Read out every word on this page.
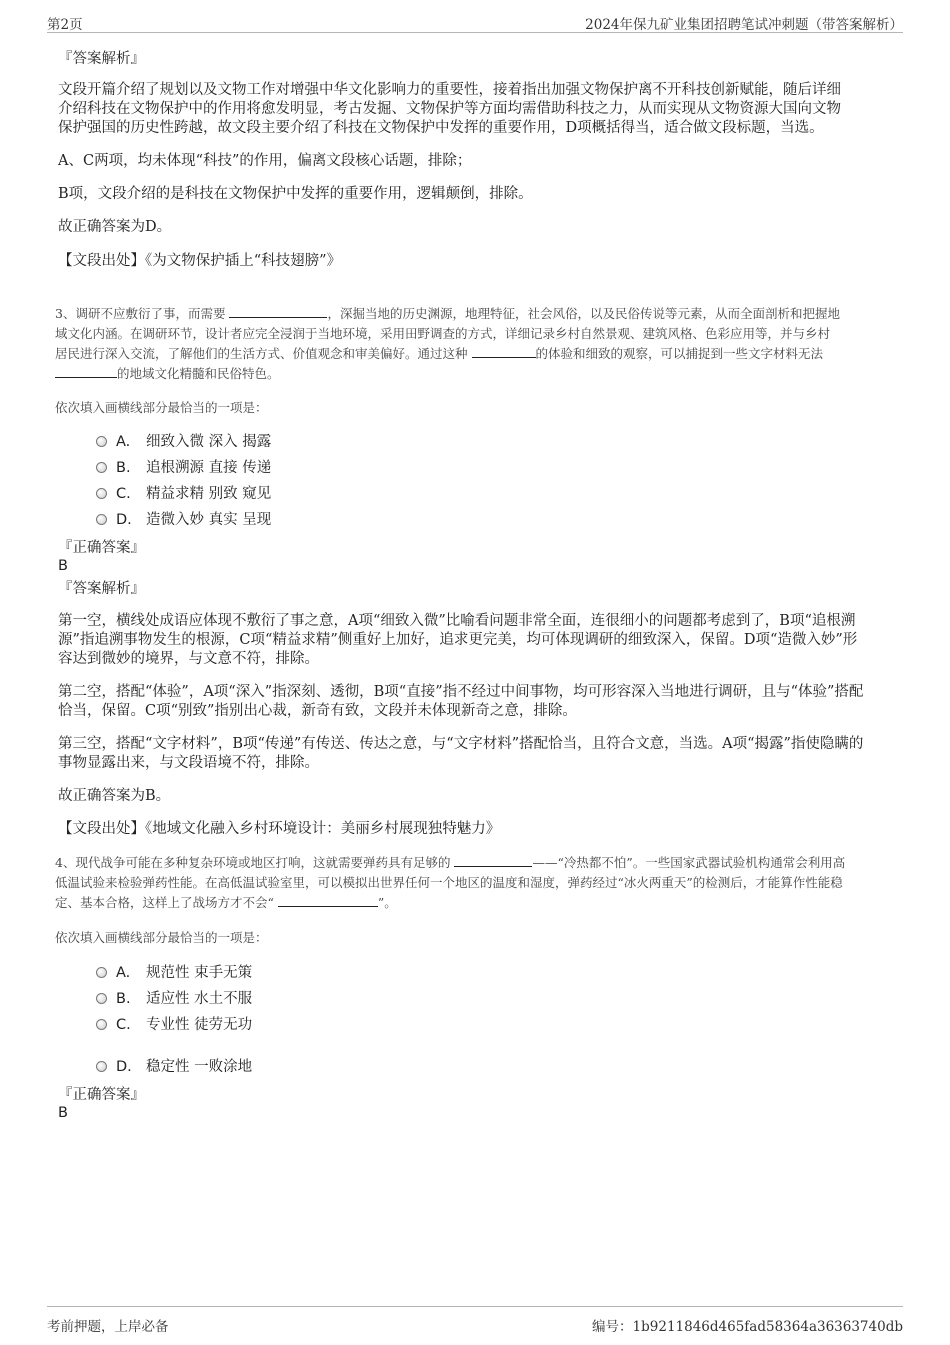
第2页	2024年保九矿业集团招聘笔试冲刺题（带答案解析）
『答案解析』
文段开篇介绍了规划以及文物工作对增强中华文化影响力的重要性，接着指出加强文物保护离不开科技创新赋能，随后详细
介绍科技在文物保护中的作用将愈发明显，考古发掘、文物保护等方面均需借助科技之力，从而实现从文物资源大国向文物
保护强国的历史性跨越，故文段主要介绍了科技在文物保护中发挥的重要作用，D项概括得当，适合做文段标题，当选。
A、C两项，均未体现“科技”的作用，偏离文段核心话题，排除；
B项，文段介绍的是科技在文物保护中发挥的重要作用，逻辑颠倒，排除。
故正确答案为D。
【文段出处】《为文物保护插上“科技翅膀”》
3、调研不应敷衍了事，而需要	，深掘当地的历史渊源，地理特征，社会风俗，以及民俗传说等元素，从而全面剖析和把握地
域文化内涵。在调研环节，设计者应完全浸润于当地环境，采用田野调查的方式，详细记录乡村自然景观、建筑风格、色彩应用等，并与乡村
居民进行深入交流，了解他们的生活方式、价值观念和审美偏好。通过这种	的体验和细致的观察，可以捕捉到一些文字材料无法
的地域文化精髓和民俗特色。
依次填入画横线部分最恰当的一项是：
A. 细致入微 深入 揭露
B. 追根溯源 直接 传递
C. 精益求精 别致 窥见
D. 造微入妙 真实 呈现
『正确答案』
B
『答案解析』
第一空，横线处成语应体现不敷衍了事之意，A项“细致入微”比喻看问题非常全面，连很细小的问题都考虑到了，B项“追根溯
源”指追溯事物发生的根源，C项“精益求精”侧重好上加好，追求更完美，均可体现调研的细致深入，保留。D项“造微入妙”形
容达到微妙的境界，与文意不符，排除。
第二空，搭配“体验”，A项“深入”指深刻、透彻，B项“直接”指不经过中间事物，均可形容深入当地进行调研，且与“体验”搭配
恰当，保留。C项“别致”指别出心裁，新奇有致，文段并未体现新奇之意，排除。
第三空，搭配“文字材料”，B项“传递”有传送、传达之意，与“文字材料”搭配恰当，且符合文意，当选。A项“揭露”指使隐瞒的
事物显露出来，与文段语境不符，排除。
故正确答案为B。
【文段出处】《地域文化融入乡村环境设计：美丽乡村展现独特魅力》
4、现代战争可能在多种复杂环境或地区打响，这就需要弹药具有足够的	——“冷热都不怕”。一些国家武器试验机构通常会利用高
低温试验来检验弹药性能。在高低温试验室里，可以模拟出世界任何一个地区的温度和湿度，弹药经过“冰火两重天”的检测后，才能算作性能稳
定、基本合格，这样上了战场方才不会“	”。
依次填入画横线部分最恰当的一项是：
A. 规范性 束手无策
B. 适应性 水土不服
C. 专业性 徒劳无功
D. 稳定性 一败涂地
『正确答案』
B
考前押题，上岸必备	编号：1b9211846d465fad58364a36363740db
